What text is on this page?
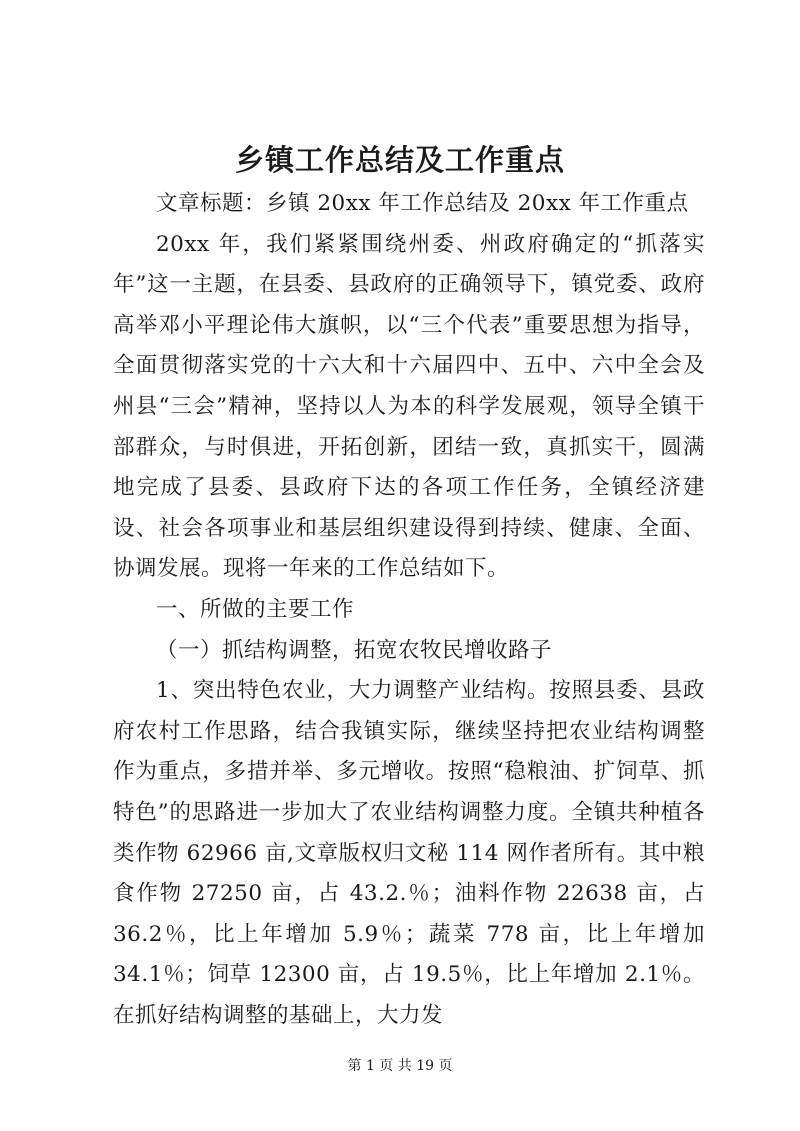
乡镇工作总结及工作重点

文章标题：乡镇 20xx 年工作总结及 20xx 年工作重点

20xx 年，我们紧紧围绕州委、州政府确定的“抓落实年”这一主题，在县委、县政府的正确领导下，镇党委、政府高举邓小平理论伟大旗帜，以“三个代表”重要思想为指导，全面贯彻落实党的十六大和十六届四中、五中、六中全会及州县“三会”精神，坚持以人为本的科学发展观，领导全镇干部群众，与时俱进，开拓创新，团结一致，真抓实干，圆满地完成了县委、县政府下达的各项工作任务，全镇经济建设、社会各项事业和基层组织建设得到持续、健康、全面、协调发展。现将一年来的工作总结如下。

一、所做的主要工作

（一）抓结构调整，拓宽农牧民增收路子

1、突出特色农业，大力调整产业结构。按照县委、县政府农村工作思路，结合我镇实际，继续坚持把农业结构调整作为重点，多措并举、多元增收。按照“稳粮油、扩饲草、抓特色”的思路进一步加大了农业结构调整力度。全镇共种植各类作物 62966 亩,文章版权归文秘 114 网作者所有。其中粮食作物 27250 亩，占 43.2.％；油料作物 22638 亩，占 36.2％，比上年增加 5.9％；蔬菜 778 亩，比上年增加 34.1％；饲草 12300 亩，占 19.5％，比上年增加 2.1％。在抓好结构调整的基础上，大力发

第 1 页 共 19 页
